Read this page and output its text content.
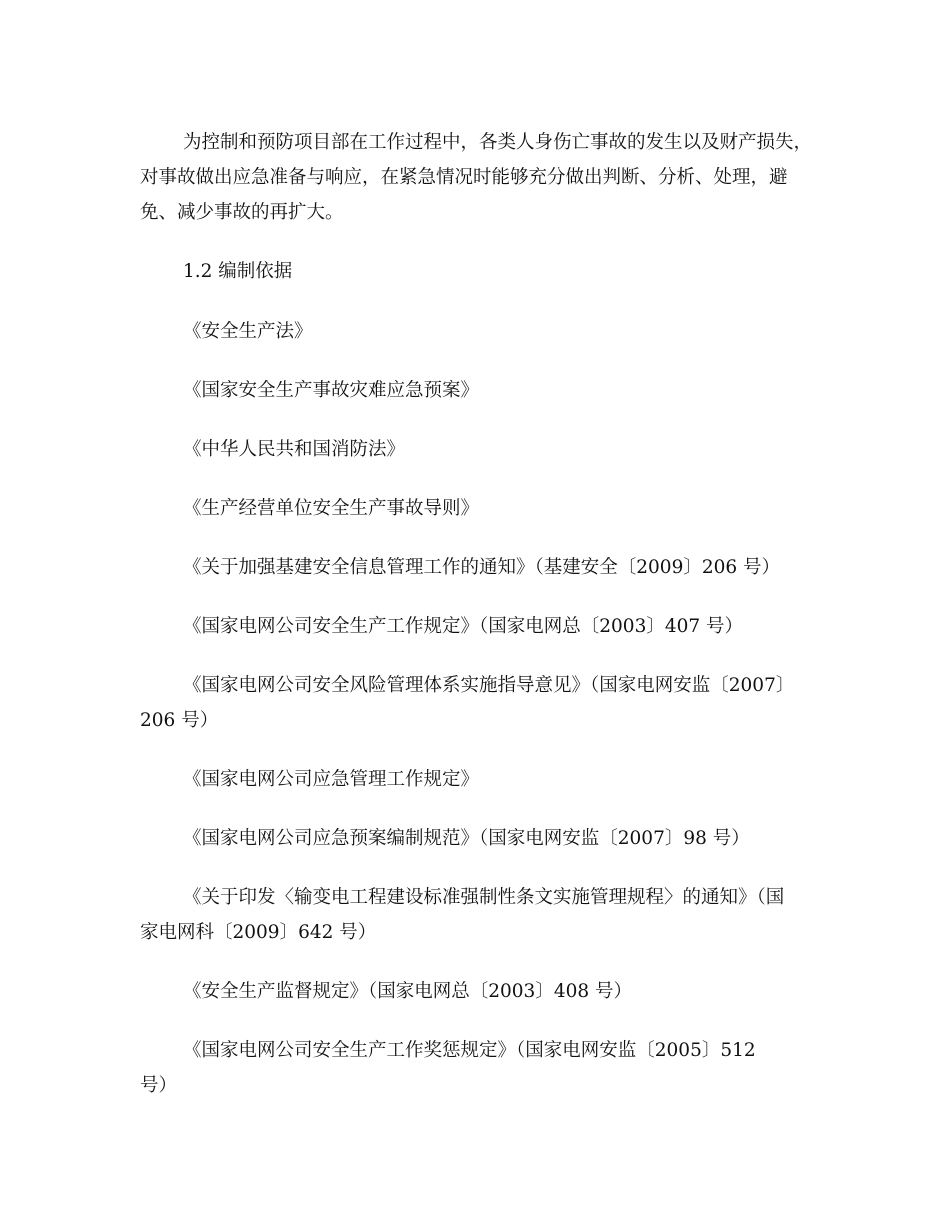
为控制和预防项目部在工作过程中，各类人身伤亡事故的发生以及财产损失，对事故做出应急准备与响应，在紧急情况时能够充分做出判断、分析、处理，避免、减少事故的再扩大。

1.2 编制依据

《安全生产法》

《国家安全生产事故灾难应急预案》

《中华人民共和国消防法》

《生产经营单位安全生产事故导则》

《关于加强基建安全信息管理工作的通知》（基建安全〔2009〕206 号）

《国家电网公司安全生产工作规定》（国家电网总〔2003〕407 号）

《国家电网公司安全风险管理体系实施指导意见》（国家电网安监〔2007〕206 号）

《国家电网公司应急管理工作规定》

《国家电网公司应急预案编制规范》（国家电网安监〔2007〕98 号）

《关于印发〈输变电工程建设标准强制性条文实施管理规程〉的通知》（国家电网科〔2009〕642 号）

《安全生产监督规定》（国家电网总〔2003〕408 号）

《国家电网公司安全生产工作奖惩规定》（国家电网安监〔2005〕512 号）
